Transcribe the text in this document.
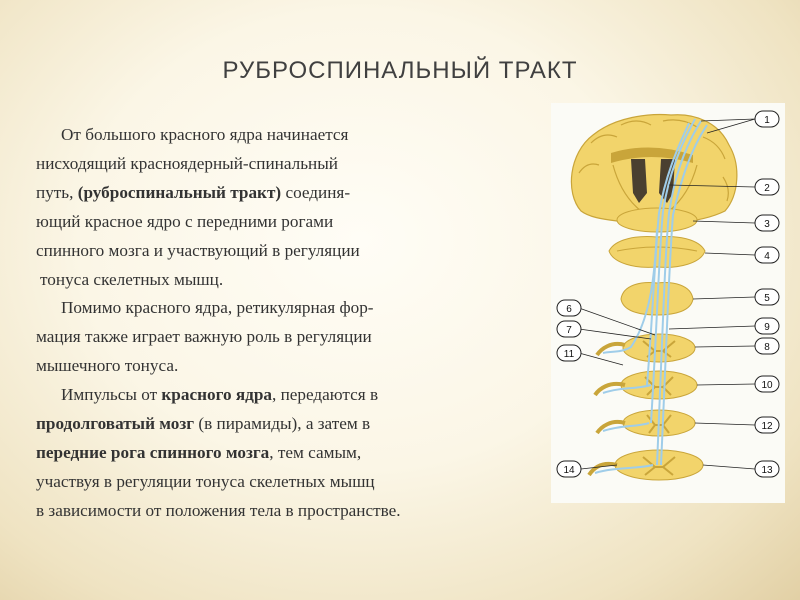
РУБРОСПИНАЛЬНЫЙ ТРАКТ
От большого красного ядра начинается
нисходящий красноядерный-спинальный
путь, (руброспинальный тракт) соединя-
ющий красное ядро с передними рогами
спинного мозга и участвующий в регуляции
тонуса скелетных мышц.
Помимо красного ядра, ретикулярная фор-
мация также играет важную роль в регуляции
мышечного тонуса.
Импульсы от красного ядра, передаются в
продолговатый мозг (в пирамиды), а затем в
передние рога спинного мозга, тем самым,
участвуя в регуляции тонуса скелетных мышц
в зависимости от положения тела в пространстве.
1
2
3
4
5
6
7
8
9
10
11
12
13
14
